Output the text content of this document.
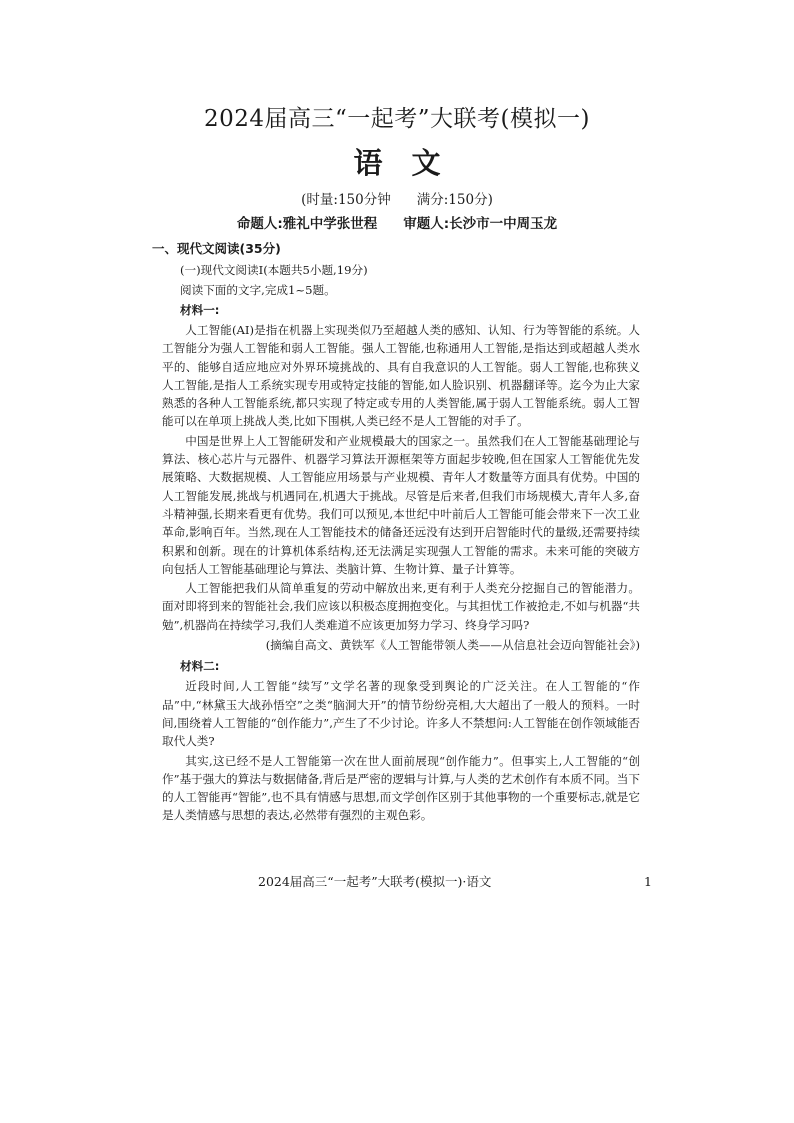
2024届高三“一起考”大联考(模拟一)
语　文
(时量:150分钟 满分:150分)
命题人:雅礼中学张世程 审题人:长沙市一中周玉龙
一、现代文阅读(35分)
(一)现代文阅读Ⅰ(本题共5小题,19分)
阅读下面的文字,完成1~5题。
材料一:

人工智能(AI)是指在机器上实现类似乃至超越人类的感知、认知、行为等智能的系统。人工智能分为强人工智能和弱人工智能。强人工智能,也称通用人工智能,是指达到或超越人类水平的、能够自适应地应对外界环境挑战的、具有自我意识的人工智能。弱人工智能,也称狭义人工智能,是指人工系统实现专用或特定技能的智能,如人脸识别、机器翻译等。迄今为止大家熟悉的各种人工智能系统,都只实现了特定或专用的人类智能,属于弱人工智能系统。弱人工智能可以在单项上挑战人类,比如下围棋,人类已经不是人工智能的对手了。

中国是世界上人工智能研发和产业规模最大的国家之一。虽然我们在人工智能基础理论与算法、核心芯片与元器件、机器学习算法开源框架等方面起步较晚,但在国家人工智能优先发展策略、大数据规模、人工智能应用场景与产业规模、青年人才数量等方面具有优势。中国的人工智能发展,挑战与机遇同在,机遇大于挑战。尽管是后来者,但我们市场规模大,青年人多,奋斗精神强,长期来看更有优势。我们可以预见,本世纪中叶前后人工智能可能会带来下一次工业革命,影响百年。当然,现在人工智能技术的储备还远没有达到开启智能时代的量级,还需要持续积累和创新。现在的计算机体系结构,还无法满足实现强人工智能的需求。未来可能的突破方向包括人工智能基础理论与算法、类脑计算、生物计算、量子计算等。

人工智能把我们从简单重复的劳动中解放出来,更有利于人类充分挖掘自己的智能潜力。面对即将到来的智能社会,我们应该以积极态度拥抱变化。与其担忧工作被抢走,不如与机器“共勉”,机器尚在持续学习,我们人类难道不应该更加努力学习、终身学习吗?

(摘编自高文、黄铁军《人工智能带领人类——从信息社会迈向智能社会》)

材料二:

近段时间,人工智能“续写”文学名著的现象受到舆论的广泛关注。在人工智能的“作品”中,“林黛玉大战孙悟空”之类“脑洞大开”的情节纷纷亮相,大大超出了一般人的预料。一时间,围绕着人工智能的“创作能力”,产生了不少讨论。许多人不禁想问:人工智能在创作领域能否取代人类?

其实,这已经不是人工智能第一次在世人面前展现“创作能力”。但事实上,人工智能的“创作”基于强大的算法与数据储备,背后是严密的逻辑与计算,与人类的艺术创作有本质不同。当下的人工智能再“智能”,也不具有情感与思想,而文学创作区别于其他事物的一个重要标志,就是它是人类情感与思想的表达,必然带有强烈的主观色彩。

2024届高三“一起考”大联考(模拟一)·语文	1
